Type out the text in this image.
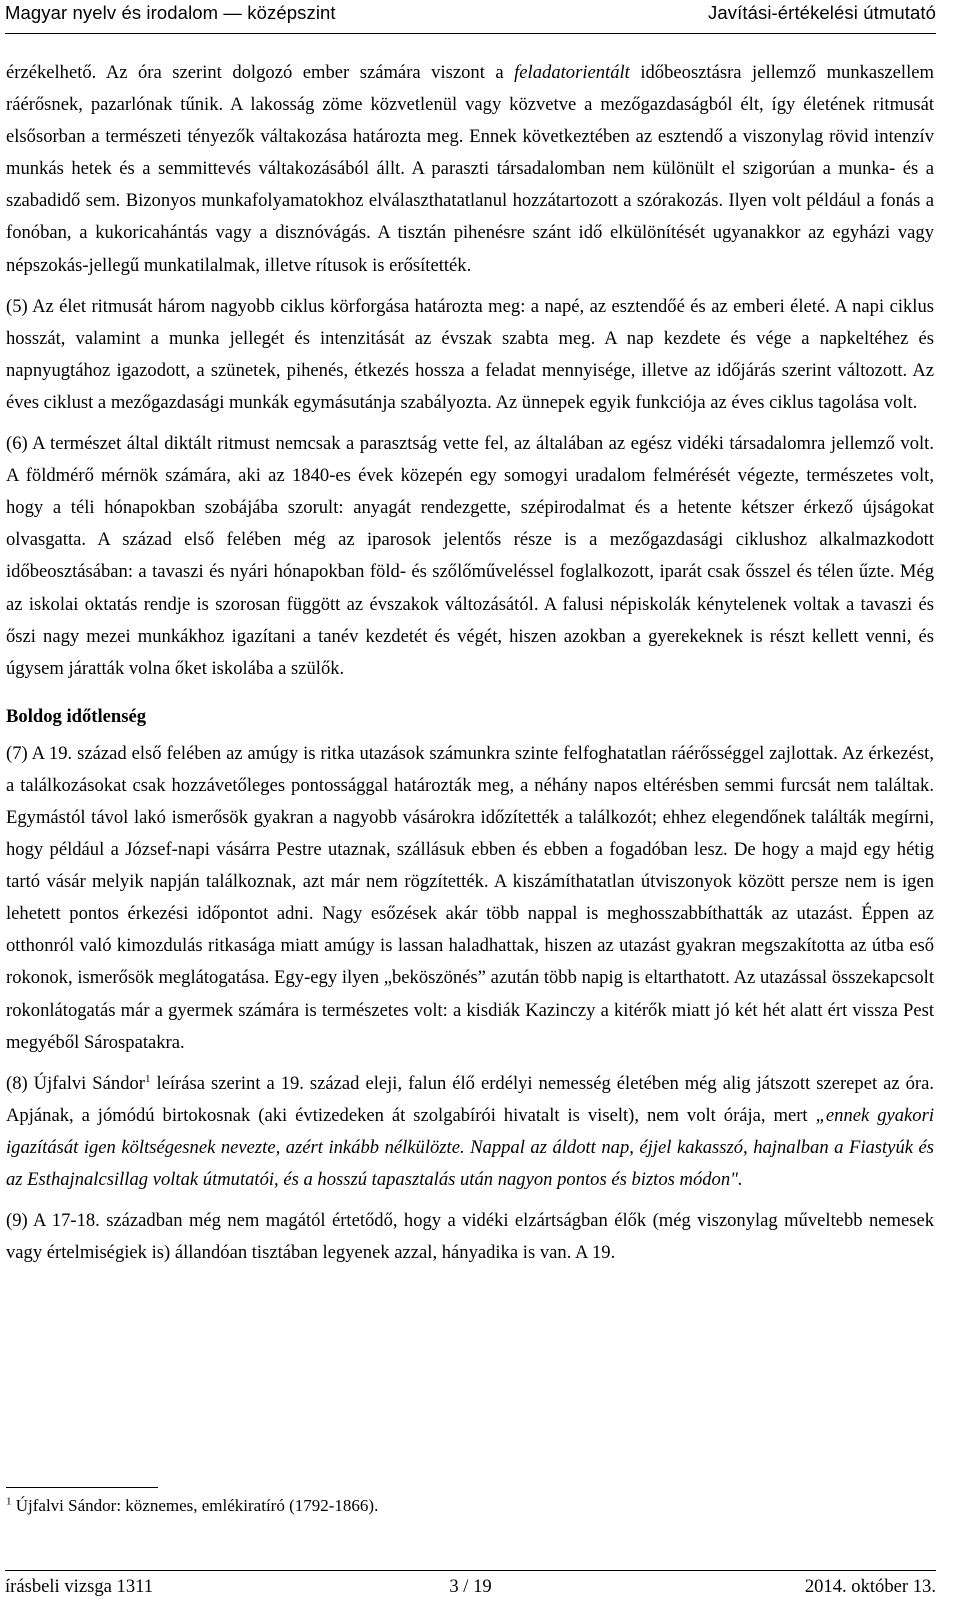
Magyar nyelv és irodalom — középszint	Javítási-értékelési útmutató

érzékelhető. Az óra szerint dolgozó ember számára viszont a feladatorientált időbeosztásra jellemző munkaszellem ráérősnek, pazarlónak tűnik. A lakosság zöme közvetlenül vagy közvetve a mezőgazdaságból élt, így életének ritmusát elsősorban a természeti tényezők váltakozása határozta meg. Ennek következtében az esztendő a viszonylag rövid intenzív munkás hetek és a semmittevés váltakozásából állt. A paraszti társadalomban nem különült el szigorúan a munka- és a szabadidő sem. Bizonyos munkafolyamatokhoz elválaszthatatlanul hozzátartozott a szórakozás. Ilyen volt például a fonás a fonóban, a kukoricahántás vagy a disznóvágás. A tisztán pihenésre szánt idő elkülönítését ugyanakkor az egyházi vagy népszokás-jellegű munkatilalmak, illetve rítusok is erősítették.

(5) Az élet ritmusát három nagyobb ciklus körforgása határozta meg: a napé, az esztendőé és az emberi életé. A napi ciklus hosszát, valamint a munka jellegét és intenzitását az évszak szabta meg. A nap kezdete és vége a napkeltéhez és napnyugtához igazodott, a szünetek, pihenés, étkezés hossza a feladat mennyisége, illetve az időjárás szerint változott. Az éves ciklust a mezőgazdasági munkák egymásutánja szabályozta. Az ünnepek egyik funkciója az éves ciklus tagolása volt.

(6) A természet által diktált ritmust nemcsak a parasztság vette fel, az általában az egész vidéki társadalomra jellemző volt. A földmérő mérnök számára, aki az 1840-es évek közepén egy somogyi uradalom felmérését végezte, természetes volt, hogy a téli hónapokban szobájába szorult: anyagát rendezgette, szépirodalmat és a hetente kétszer érkező újságokat olvasgatta. A század első felében még az iparosok jelentős része is a mezőgazdasági ciklushoz alkalmazkodott időbeosztásában: a tavaszi és nyári hónapokban föld- és szőlőműveléssel foglalkozott, iparát csak ősszel és télen űzte. Még az iskolai oktatás rendje is szorosan függött az évszakok változásától. A falusi népiskolák kénytelenek voltak a tavaszi és őszi nagy mezei munkákhoz igazítani a tanév kezdetét és végét, hiszen azokban a gyerekeknek is részt kellett venni, és úgysem járatták volna őket iskolába a szülők.

Boldog időtlenség

(7) A 19. század első felében az amúgy is ritka utazások számunkra szinte felfoghatatlan ráérősséggel zajlottak. Az érkezést, a találkozásokat csak hozzávetőleges pontossággal határozták meg, a néhány napos eltérésben semmi furcsát nem találtak. Egymástól távol lakó ismerősök gyakran a nagyobb vásárokra időzítették a találkozót; ehhez elegendőnek találták megírni, hogy például a József-napi vásárra Pestre utaznak, szállásuk ebben és ebben a fogadóban lesz. De hogy a majd egy hétig tartó vásár melyik napján találkoznak, azt már nem rögzítették. A kiszámíthatatlan útviszonyok között persze nem is igen lehetett pontos érkezési időpontot adni. Nagy esőzések akár több nappal is meghosszabbíthatták az utazást. Éppen az otthonról való kimozdulás ritkasága miatt amúgy is lassan haladhattak, hiszen az utazást gyakran megszakította az útba eső rokonok, ismerősök meglátogatása. Egy-egy ilyen „beköszönés” azután több napig is eltarthatott. Az utazással összekapcsolt rokonlátogatás már a gyermek számára is természetes volt: a kisdiák Kazinczy a kitérők miatt jó két hét alatt ért vissza Pest megyéből Sárospatakra.

(8) Újfalvi Sándor$^1$ leírása szerint a 19. század eleji, falun élő erdélyi nemesség életében még alig játszott szerepet az óra. Apjának, a jómódú birtokosnak (aki évtizedeken át szolgabírói hivatalt is viselt), nem volt órája, mert „ennek gyakori igazítását igen költségesnek nevezte, azért inkább nélkülözte. Nappal az áldott nap, éjjel kakasszó, hajnalban a Fiastyúk és az Esthajnalcsillag voltak útmutatói, és a hosszú tapasztalás után nagyon pontos és biztos módon".

(9) A 17-18. században még nem magától értetődő, hogy a vidéki elzártságban élők (még viszonylag műveltebb nemesek vagy értelmiségiek is) állandóan tisztában legyenek azzal, hányadika is van. A 19.

$^1$ Újfalvi Sándor: köznemes, emlékiratíró (1792-1866).
írásbeli vizsga 1311	3 / 19	2014. október 13.
